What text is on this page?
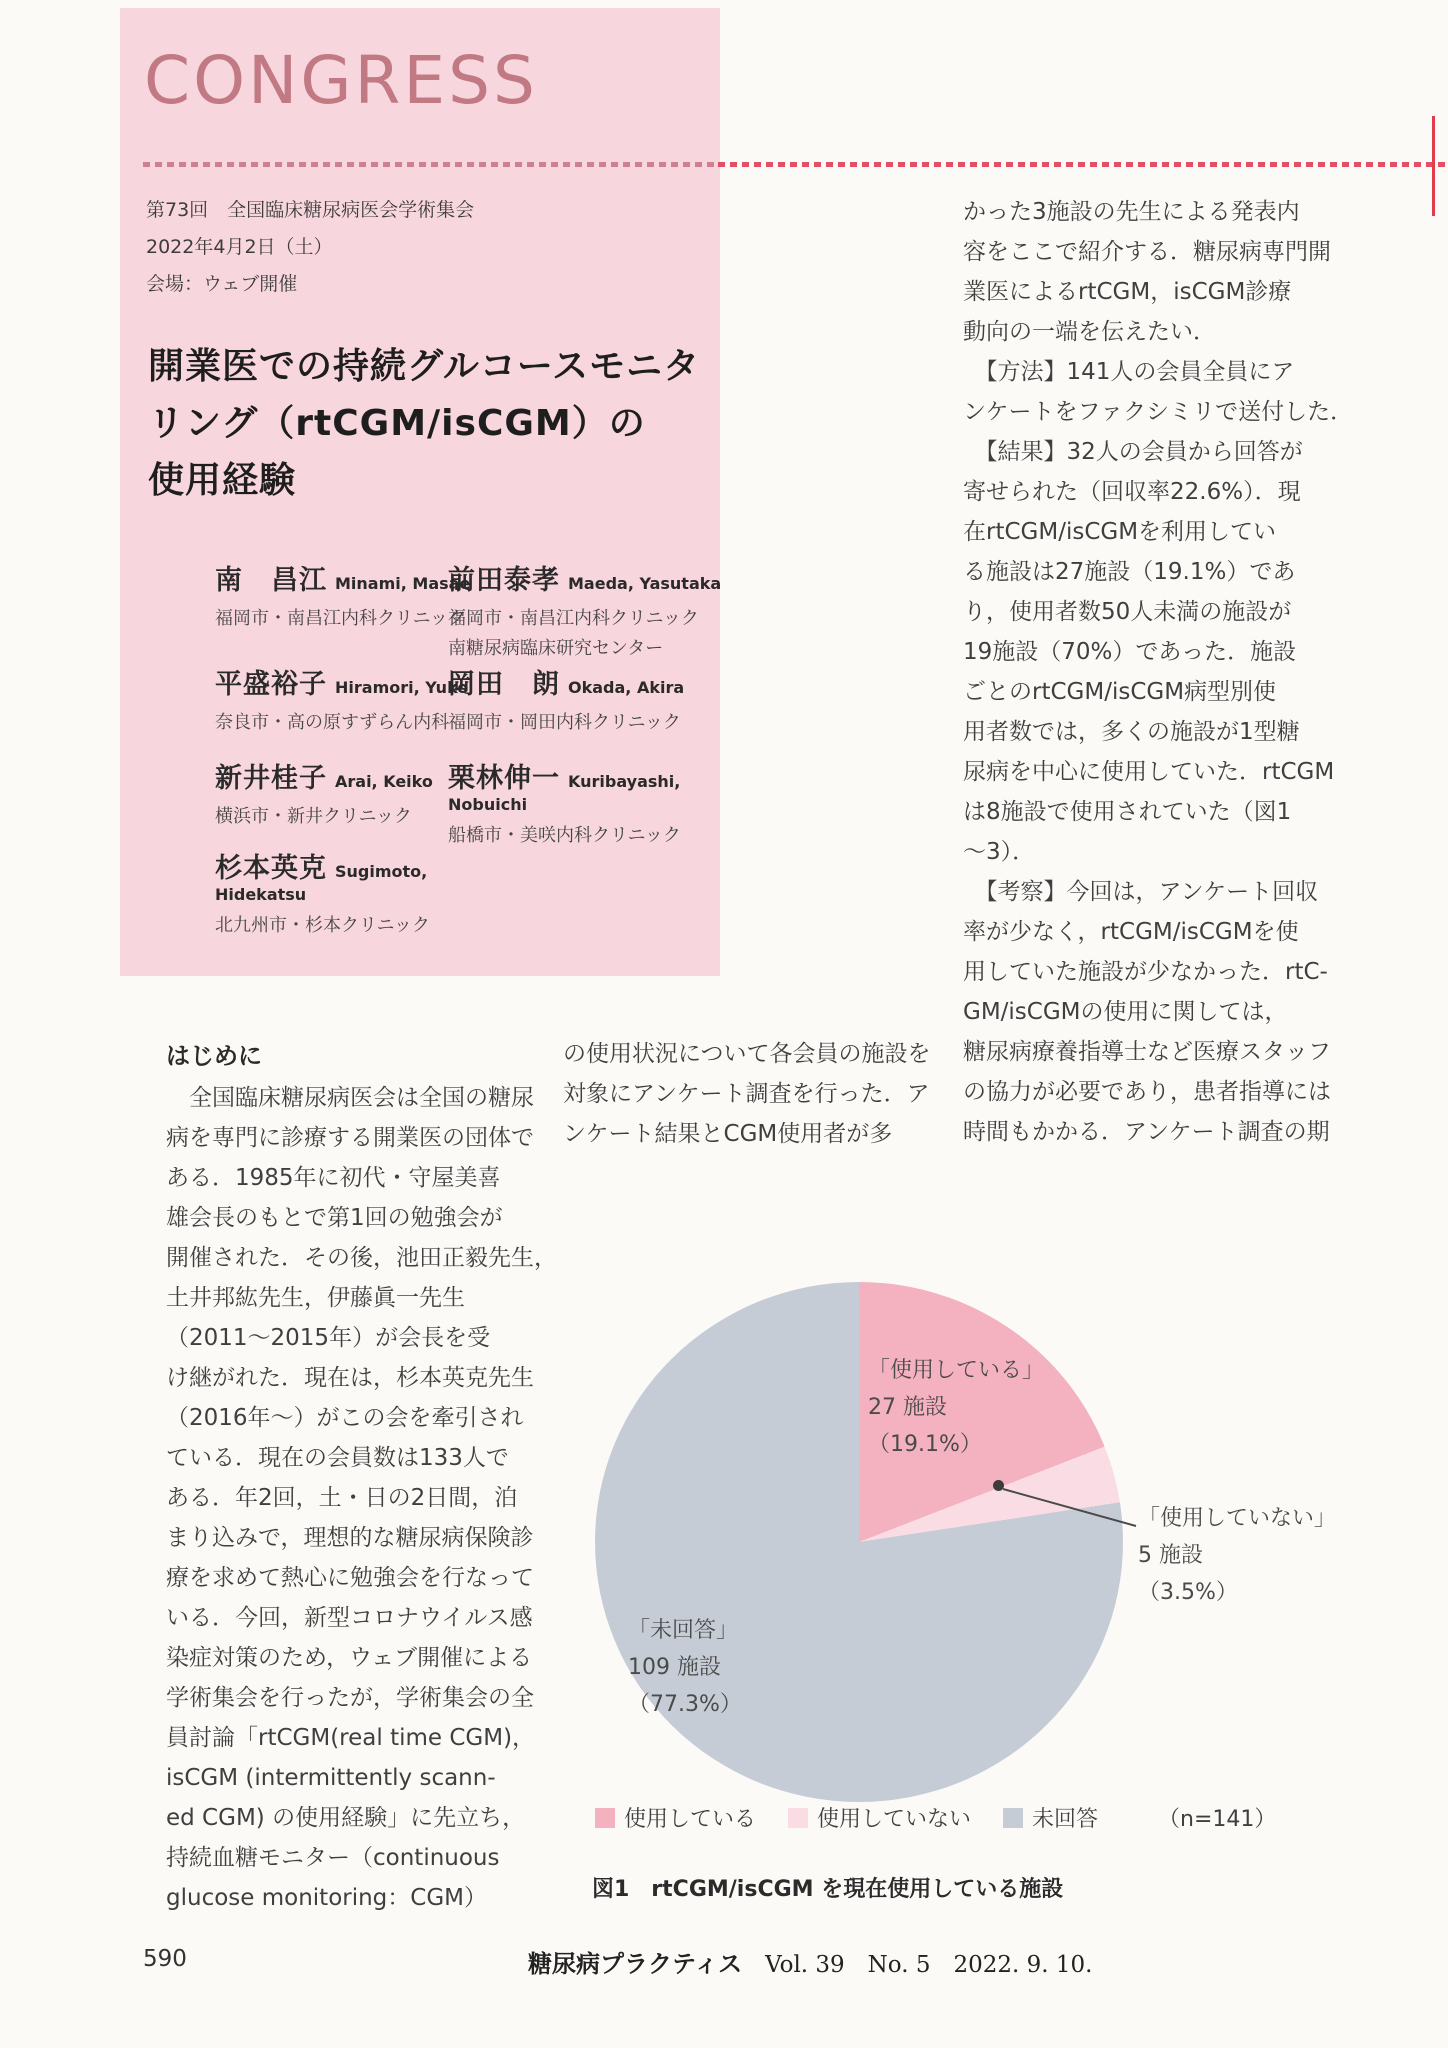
CONGRESS
第73回　全国臨床糖尿病医会学術集会
2022年4月2日（土）
会場：ウェブ開催
開業医での持続グルコースモニタ
リング（rtCGM/isCGM）の
使用経験
南　昌江 Minami, Masae
福岡市・南昌江内科クリニック
平盛裕子 Hiramori, Yuko
奈良市・高の原すずらん内科
新井桂子 Arai, Keiko
横浜市・新井クリニック
杉本英克 Sugimoto, Hidekatsu
北九州市・杉本クリニック
前田泰孝 Maeda, Yasutaka
福岡市・南昌江内科クリニック
南糖尿病臨床研究センター
岡田　朗 Okada, Akira
福岡市・岡田内科クリニック
栗林伸一 Kuribayashi, Nobuichi
船橋市・美咲内科クリニック
かった3施設の先生による発表内
容をここで紹介する．糖尿病専門開
業医によるrtCGM，isCGM診療
動向の一端を伝えたい．
　【方法】141人の会員全員にア
ンケートをファクシミリで送付した．
　【結果】32人の会員から回答が
寄せられた（回収率22.6%）．現
在rtCGM/isCGMを利用してい
る施設は27施設（19.1%）であ
り，使用者数50人未満の施設が
19施設（70%）であった．施設
ごとのrtCGM/isCGM病型別使
用者数では，多くの施設が1型糖
尿病を中心に使用していた．rtCGM
は8施設で使用されていた（図1
〜3）．
　【考察】今回は，アンケート回収
率が少なく，rtCGM/isCGMを使
用していた施設が少なかった．rtC-
GM/isCGMの使用に関しては，
糖尿病療養指導士など医療スタッフ
の協力が必要であり，患者指導には
時間もかかる．アンケート調査の期
はじめに
　全国臨床糖尿病医会は全国の糖尿
病を専門に診療する開業医の団体で
ある．1985年に初代・守屋美喜
雄会長のもとで第1回の勉強会が
開催された．その後，池田正毅先生，
土井邦紘先生，伊藤眞一先生
（2011〜2015年）が会長を受
け継がれた．現在は，杉本英克先生
（2016年〜）がこの会を牽引され
ている．現在の会員数は133人で
ある．年2回，土・日の2日間，泊
まり込みで，理想的な糖尿病保険診
療を求めて熱心に勉強会を行なって
いる．今回，新型コロナウイルス感
染症対策のため，ウェブ開催による
学術集会を行ったが，学術集会の全
員討論「rtCGM(real time CGM)，
isCGM (intermittently scann-
ed CGM) の使用経験」に先立ち，
持続血糖モニター（continuous
glucose monitoring：CGM）
の使用状況について各会員の施設を
対象にアンケート調査を行った．ア
ンケート結果とCGM使用者が多
「使用している」
27 施設
（19.1%）
「使用していない」
5 施設
（3.5%）
「未回答」
109 施設
（77.3%）
使用している	使用していない	未回答	（n=141）
図1　rtCGM/isCGM を現在使用している施設
590	糖尿病プラクティス　Vol. 39　No. 5　2022. 9. 10.
